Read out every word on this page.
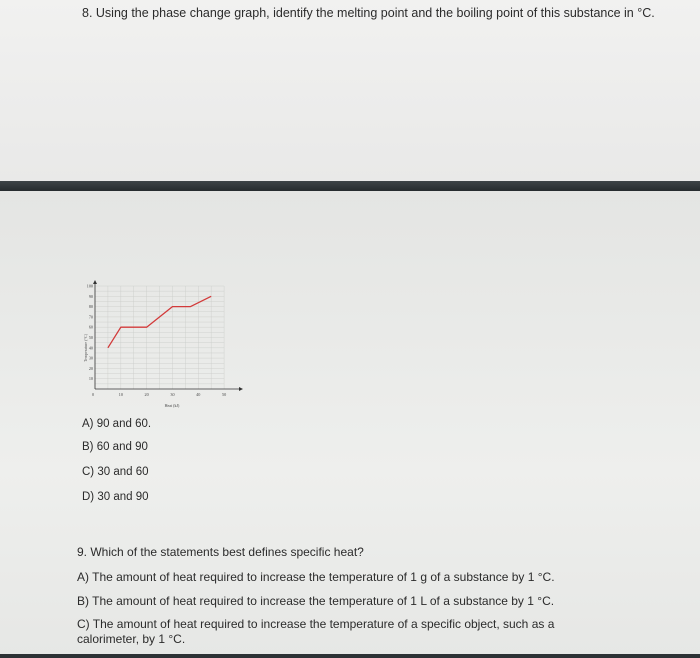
8. Using the phase change graph, identify the melting point and the boiling point of this substance in °C.
10
20
30
40
50
60
70
80
90
100
0	10	20	30	40	50
Heat (kJ)
Temperature (°C)
A) 90 and 60.
B) 60 and 90
C) 30 and 60
D) 30 and 90
9. Which of the statements best defines specific heat?
A) The amount of heat required to increase the temperature of 1 g of a substance by 1 °C.
B) The amount of heat required to increase the temperature of 1 L of a substance by 1 °C.
C) The amount of heat required to increase the temperature of a specific object, such as a
calorimeter, by 1 °C.
